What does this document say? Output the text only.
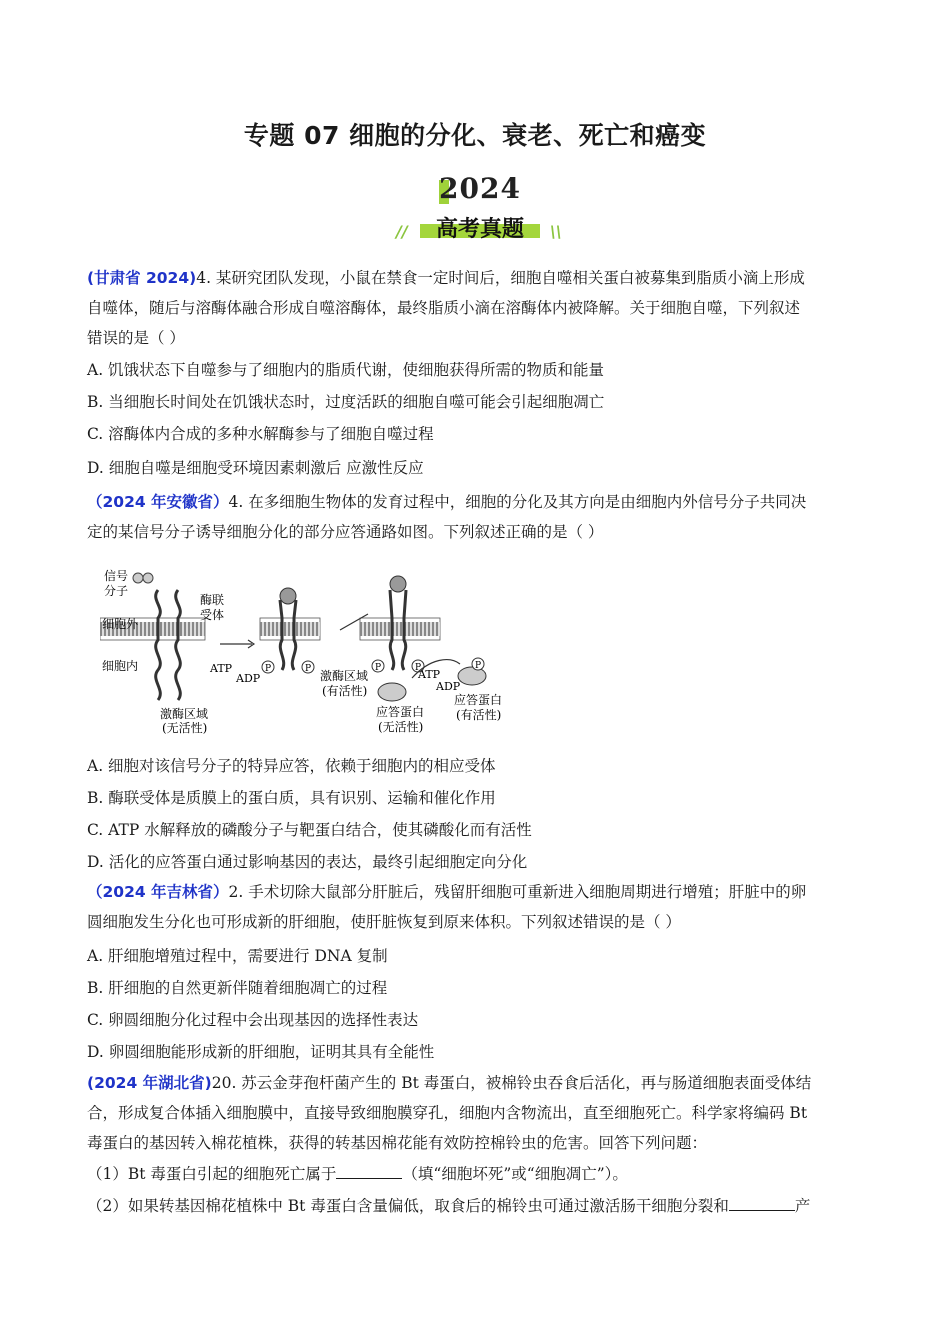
专题 07 细胞的分化、衰老、死亡和癌变
2024
//	高考真题	\\

(甘肃省 2024)4. 某研究团队发现，小鼠在禁食一定时间后，细胞自噬相关蛋白被募集到脂质小滴上形成

自噬体，随后与溶酶体融合形成自噬溶酶体，最终脂质小滴在溶酶体内被降解。关于细胞自噬，下列叙述

错误的是（ ）

A. 饥饿状态下自噬参与了细胞内的脂质代谢，使细胞获得所需的物质和能量
B. 当细胞长时间处在饥饿状态时，过度活跃的细胞自噬可能会引起细胞凋亡
C. 溶酶体内合成的多种水解酶参与了细胞自噬过程
D. 细胞自噬是细胞受环境因素刺激后 应激性反应

（2024 年安徽省）4. 在多细胞生物体的发育过程中，细胞的分化及其方向是由细胞内外信号分子共同决

定的某信号分子诱导细胞分化的部分应答通路如图。下列叙述正确的是（ ）

信号
分子
酶联
受体
细胞外
细胞内
激酶区域
(无活性)
ATP
ADP
P	P 激酶区域
(有活性)
P	P	P
ATP
ADP
应答蛋白
(无活性)
应答蛋白
(有活性)
A. 细胞对该信号分子的特异应答，依赖于细胞内的相应受体
B. 酶联受体是质膜上的蛋白质，具有识别、运输和催化作用
C. ATP 水解释放的磷酸分子与靶蛋白结合，使其磷酸化而有活性
D. 活化的应答蛋白通过影响基因的表达，最终引起细胞定向分化

（2024 年吉林省）2. 手术切除大鼠部分肝脏后，残留肝细胞可重新进入细胞周期进行增殖；肝脏中的卵

圆细胞发生分化也可形成新的肝细胞，使肝脏恢复到原来体积。下列叙述错误的是（ ）

A. 肝细胞增殖过程中，需要进行 DNA 复制
B. 肝细胞的自然更新伴随着细胞凋亡的过程
C. 卵圆细胞分化过程中会出现基因的选择性表达
D. 卵圆细胞能形成新的肝细胞，证明其具有全能性

(2024 年湖北省)20. 苏云金芽孢杆菌产生的 Bt 毒蛋白，被棉铃虫吞食后活化，再与肠道细胞表面受体结

合，形成复合体插入细胞膜中，直接导致细胞膜穿孔，细胞内含物流出，直至细胞死亡。科学家将编码 Bt

毒蛋白的基因转入棉花植株，获得的转基因棉花能有效防控棉铃虫的危害。回答下列问题：

（1）Bt 毒蛋白引起的细胞死亡属于	（填“细胞坏死”或“细胞凋亡”）。
（2）如果转基因棉花植株中 Bt 毒蛋白含量偏低，取食后的棉铃虫可通过激活肠干细胞分裂和	产
